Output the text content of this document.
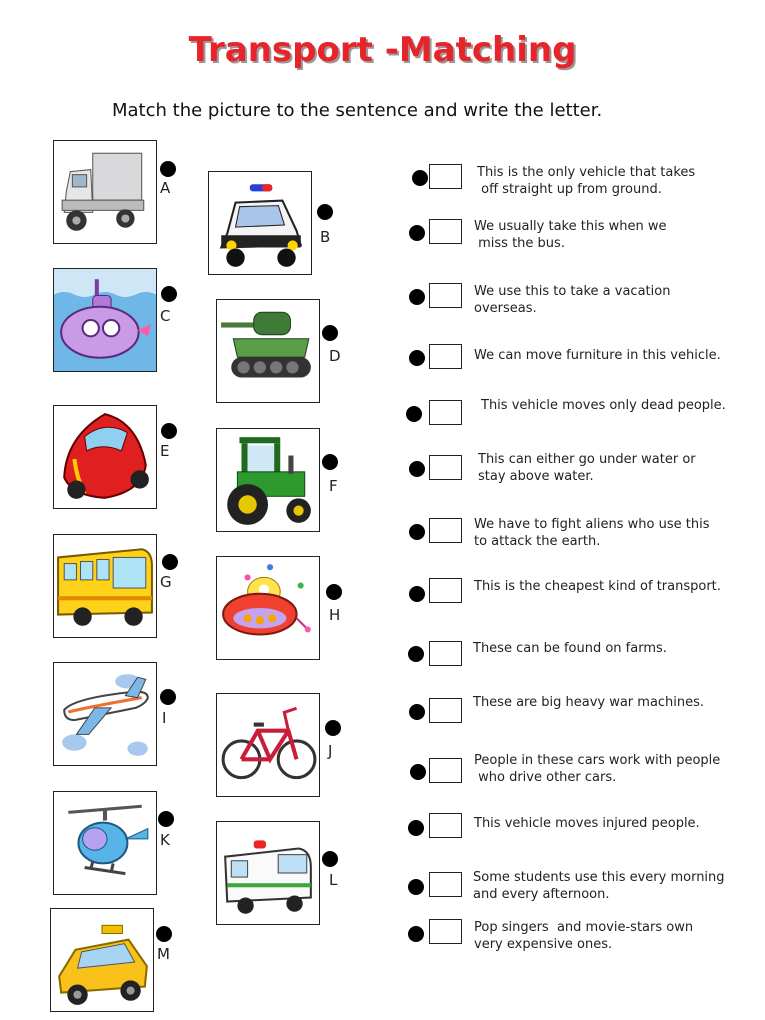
Transport -Matching
Match the picture to the sentence and write the letter.
A
B
C
D
E
F
G
H
I
J
K
L
M
This is the only vehicle that takes
off straight up from ground.
We usually take this when we
miss the bus.
We use this to take a vacation
overseas.
We can move furniture in this vehicle.
This vehicle moves only dead people.
This can either go under water or
stay above water.
We have to fight aliens who use this
to attack the earth.
This is the cheapest kind of transport.
These can be found on farms.
These are big heavy war machines.
People in these cars work with people
who drive other cars.
This vehicle moves injured people.
Some students use this every morning
and every afternoon.
Pop singers  and movie-stars own
very expensive ones.
